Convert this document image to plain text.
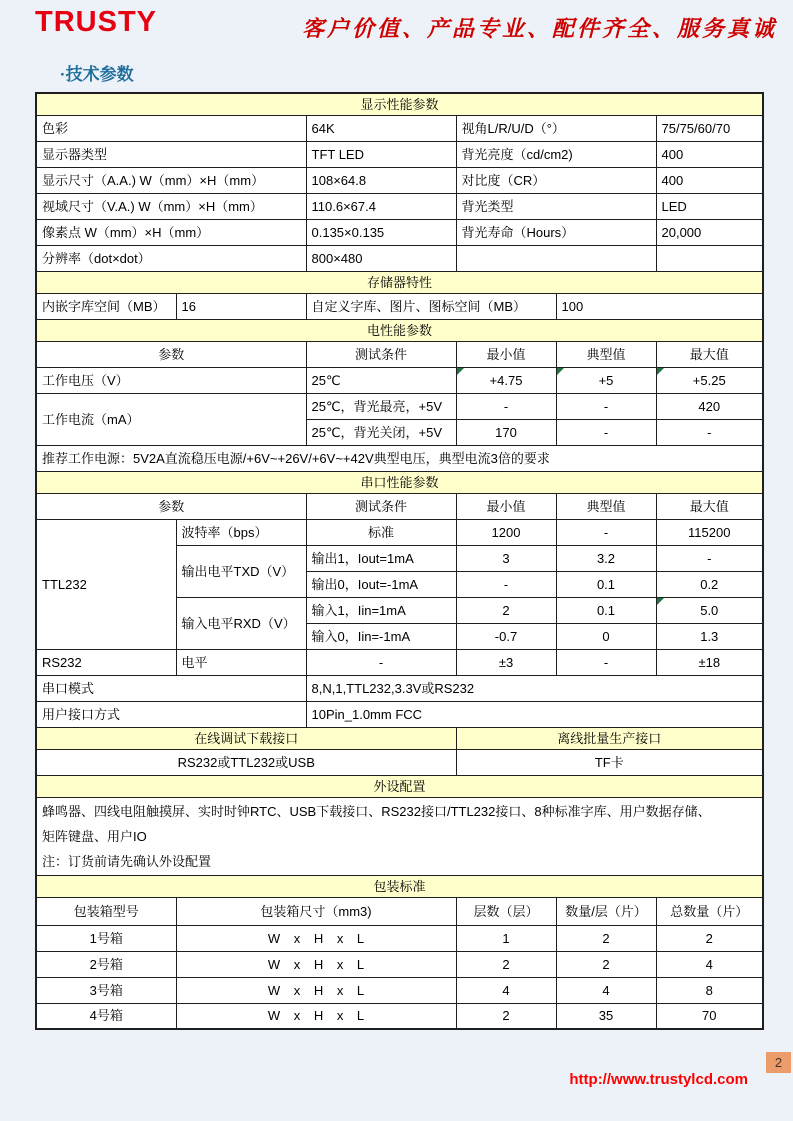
TRUSTY	客户价值、产品专业、配件齐全、服务真诚
·技术参数
显示性能参数					
色彩		64K	视角L/R/U/D（°）		75/75/60/70
显示器类型		TFT LED	背光亮度（cd/cm2)		400
显示尺寸（A.A.) W（mm）×H（mm）		108×64.8	对比度（CR）		400
视域尺寸（V.A.) W（mm）×H（mm）		110.6×67.4	背光类型		LED
像素点 W（mm）×H（mm）		0.135×0.135	背光寿命（Hours）		20,000
分辨率（dot×dot）		800×480			
存储器特性					
内嵌字库空间（MB）	16	自定义字库、图片、图标空间（MB）		100	
电性能参数					
参数		测试条件	最小值	典型值	最大值
工作电压（V）		25℃	+4.75	+5	+5.25
工作电流（mA）		25℃，背光最亮，+5V	-	-	420
		25℃，背光关闭，+5V	170	-	-
推荐工作电源：5V2A直流稳压电源/+6V~+26V/+6V~+42V典型电压，典型电流3倍的要求					
串口性能参数					
参数		测试条件	最小值	典型值	最大值
TTL232	波特率（bps）	标准	1200	-	115200
	输出电平TXD（V）	输出1，Iout=1mA	3	3.2	-
		输出0，Iout=-1mA	-	0.1	0.2
	输入电平RXD（V）	输入1，Iin=1mA	2	0.1	5.0
		输入0，Iin=-1mA	-0.7	0	1.3
RS232	电平	-	±3	-	±18
串口模式		8,N,1,TTL232,3.3V或RS232			
用户接口方式		10Pin_1.0mm FCC			
在线调试下载接口			离线批量生产接口		
RS232或TTL232或USB			TF卡		
外设配置					

蜂鸣器、四线电阻触摸屏、实时时钟RTC、USB下载接口、RS232接口/TTL232接口、8种标准字库、用户数据存储、
矩阵键盘、用户IO
注：订货前请先确认外设配置					

包装标准					
包装箱型号	包装箱尺寸（mm3)		层数（层）	数量/层（片）	总数量（片）
1号箱	W x H x L		1	2	2
2号箱	W x H x L		2	2	4
3号箱	W x H x L		4	4	8
4号箱	W x H x L		2	35	70
2
http://www.trustylcd.com
